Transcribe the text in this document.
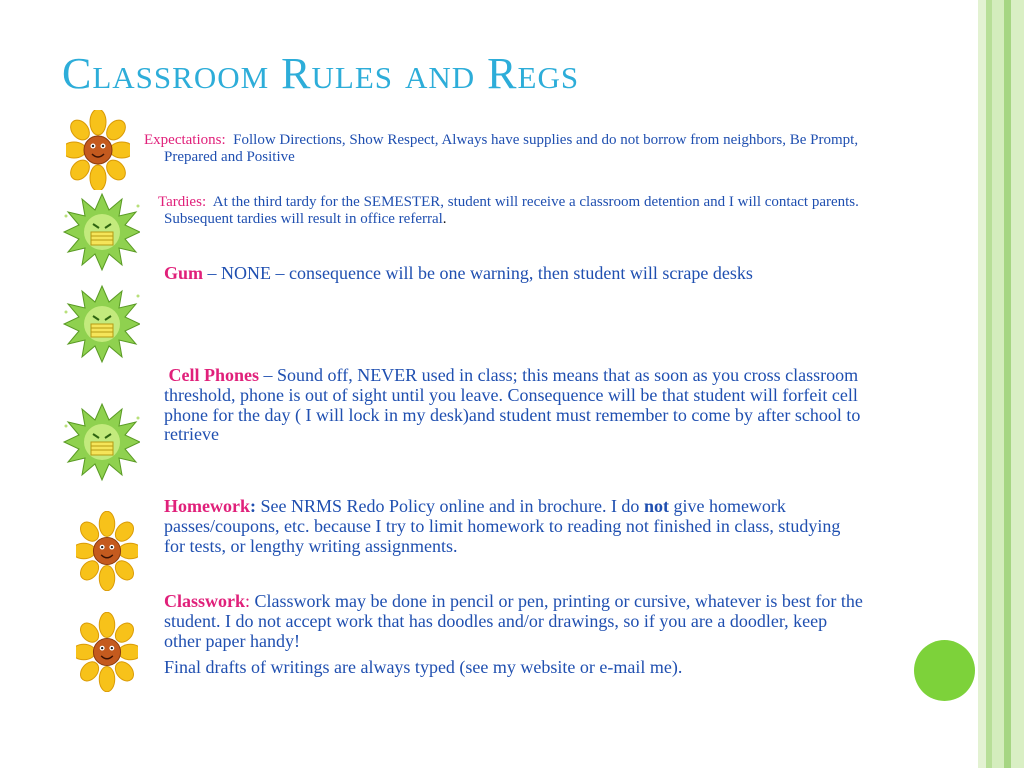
Classroom Rules and Regs
Expectations: Follow Directions, Show Respect, Always have supplies and do not borrow from neighbors, Be Prompt, Prepared and Positive
Tardies: At the third tardy for the SEMESTER, student will receive a classroom detention and I will contact parents. Subsequent tardies will result in office referral.
Gum – NONE – consequence will be one warning, then student will scrape desks
Cell Phones – Sound off, NEVER used in class; this means that as soon as you cross classroom threshold, phone is out of sight until you leave. Consequence will be that student will forfeit cell phone for the day ( I will lock in my desk)and student must remember to come by after school to retrieve
Homework: See NRMS Redo Policy online and in brochure. I do not give homework passes/coupons, etc. because I try to limit homework to reading not finished in class, studying for tests, or lengthy writing assignments.
Classwork: Classwork may be done in pencil or pen, printing or cursive, whatever is best for the student. I do not accept work that has doodles and/or drawings, so if you are a doodler, keep other paper handy!
Final drafts of writings are always typed (see my website or e-mail me).
